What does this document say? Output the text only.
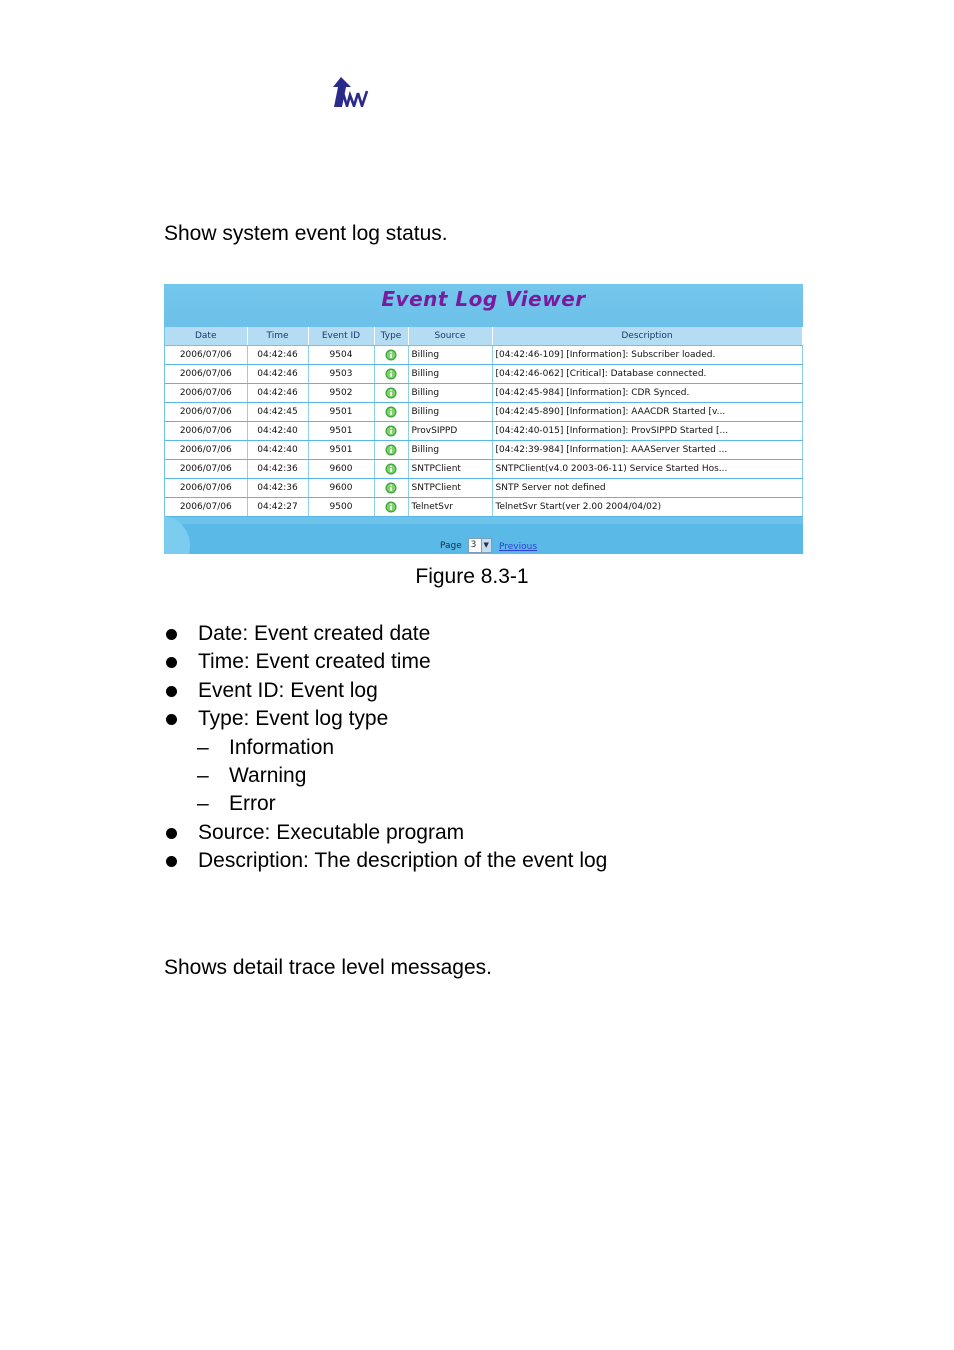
Show system event log status.
Event Log Viewer
Date	Time	Event ID	Type	Source	Description
2006/07/06	04:42:46	9504		Billing	[04:42:46-109] [Information]: Subscriber loaded.
2006/07/06	04:42:46	9503		Billing	[04:42:46-062] [Critical]: Database connected.
2006/07/06	04:42:46	9502		Billing	[04:42:45-984] [Information]: CDR Synced.
2006/07/06	04:42:45	9501		Billing	[04:42:45-890] [Information]: AAACDR Started [v...
2006/07/06	04:42:40	9501		ProvSIPPD	[04:42:40-015] [Information]: ProvSIPPD Started [...
2006/07/06	04:42:40	9501		Billing	[04:42:39-984] [Information]: AAAServer Started ...
2006/07/06	04:42:36	9600		SNTPClient	SNTPClient(v4.0 2003-06-11) Service Started Hos...
2006/07/06	04:42:36	9600		SNTPClient	SNTP Server not defined
2006/07/06	04:42:27	9500		TelnetSvr	TelnetSvr Start(ver 2.00 2004/04/02)
Page 3	▼ Previous
Figure 8.3-1
Date: Event created date
Time: Event created time
Event ID: Event log
Type: Event log type
– Information
– Warning
– Error
Source: Executable program
Description: The description of the event log
Shows detail trace level messages.
